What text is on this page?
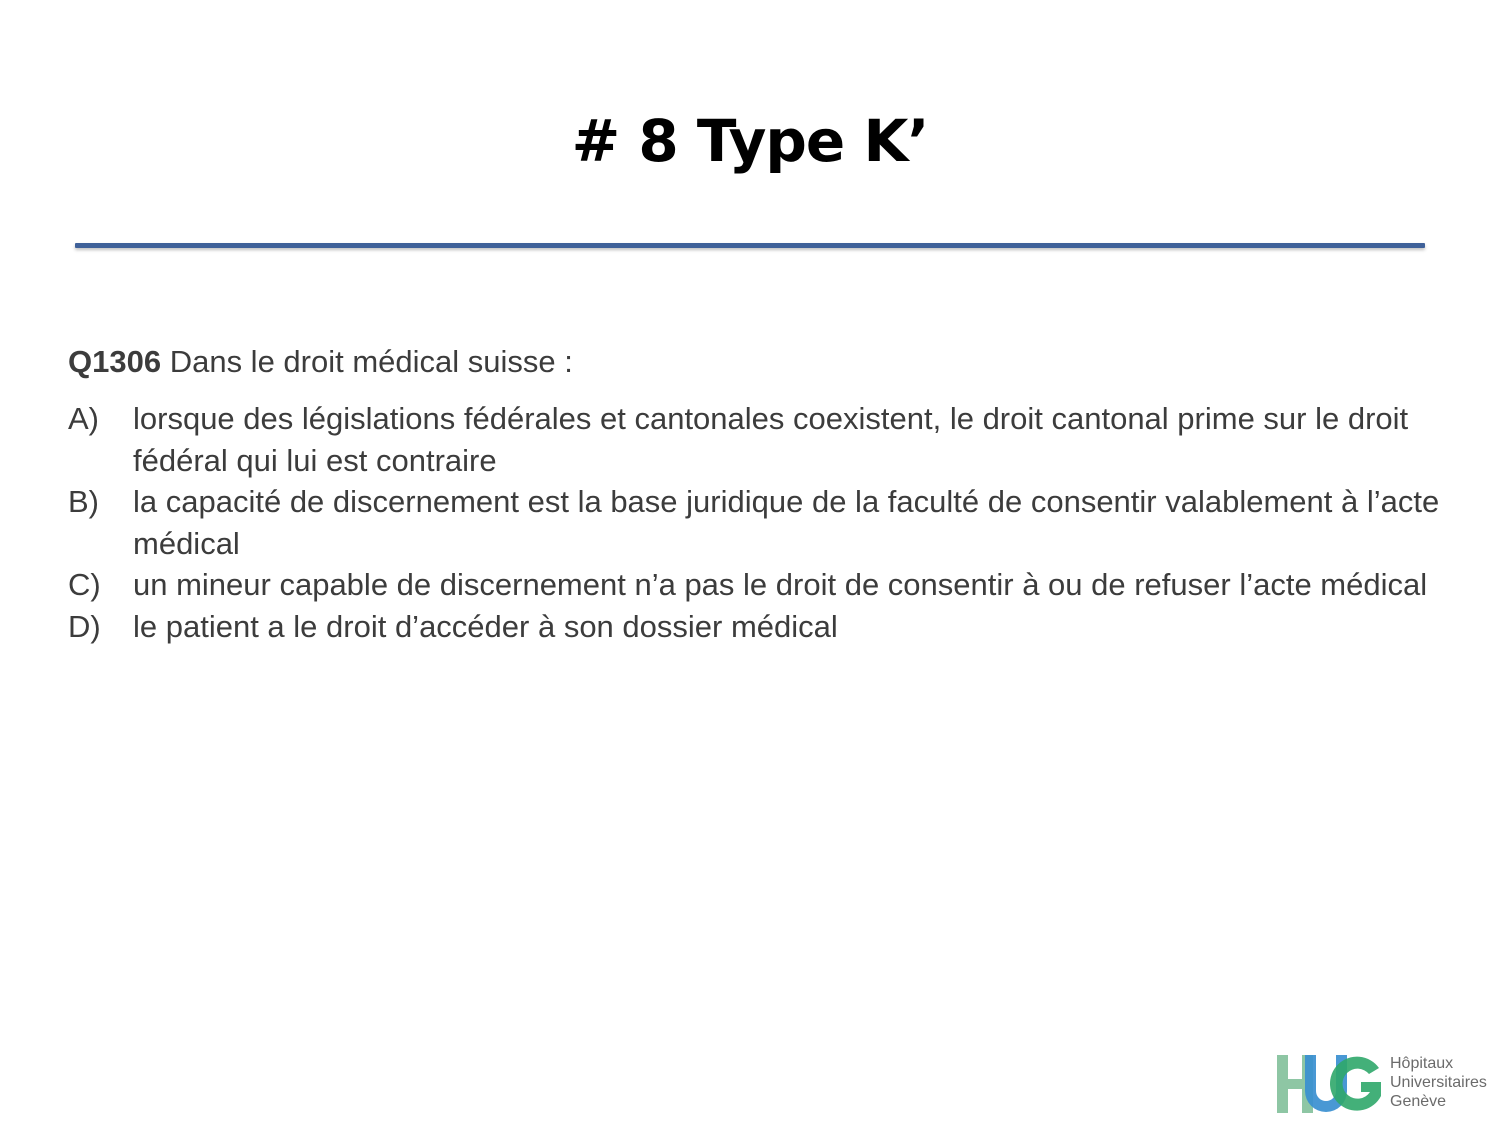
# 8 Type K’
Q1306 Dans le droit médical suisse :
A)	lorsque des législations fédérales et cantonales coexistent, le droit cantonal prime sur le droit fédéral qui lui est contraire
B)	la capacité de discernement est la base juridique de la faculté de consentir valablement à l’acte médical
C)	un mineur capable de discernement n’a pas le droit de consentir à ou de refuser l’acte médical
D)	le patient a le droit d’accéder à son dossier médical
Hôpitaux
Universitaires
Genève
